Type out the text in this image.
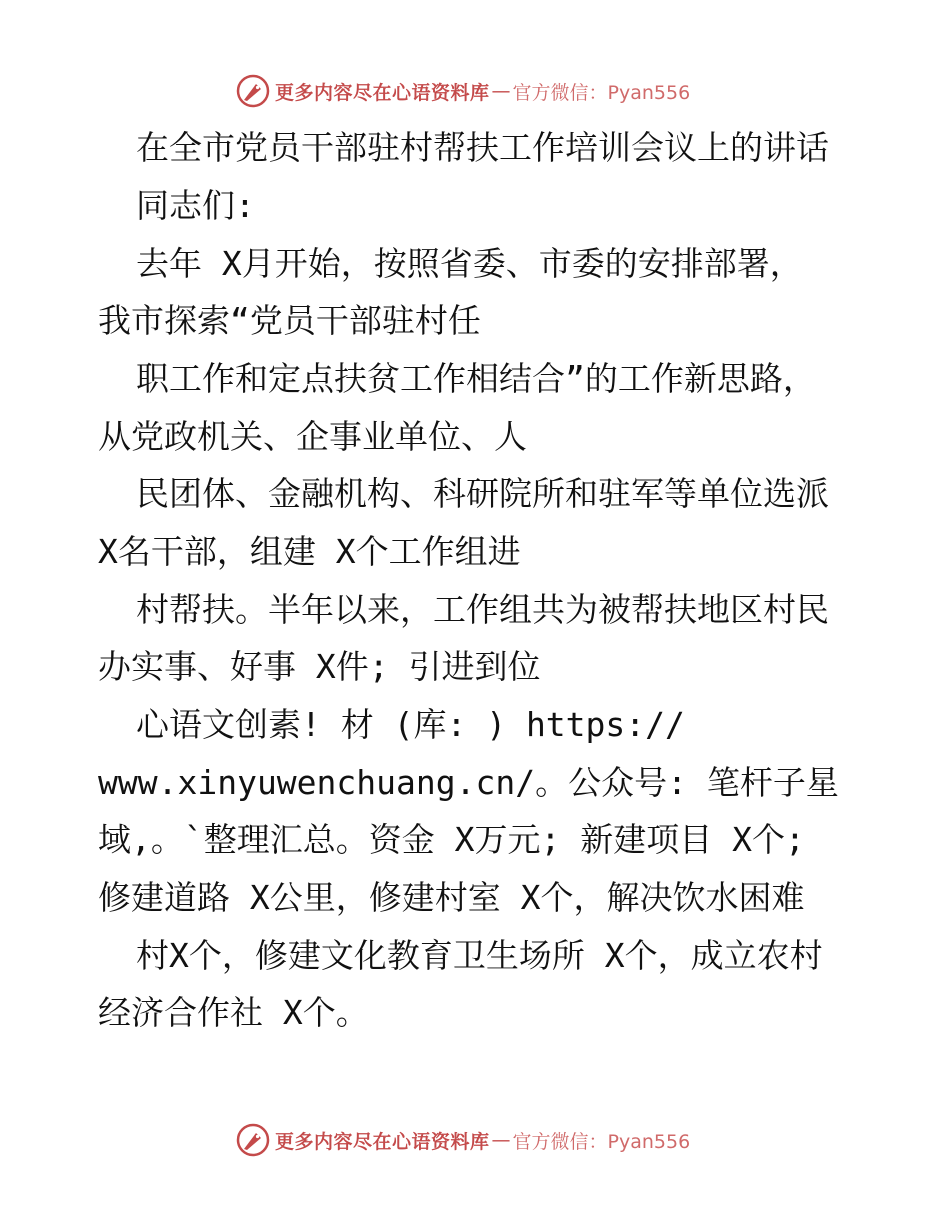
更多内容尽在心语资料库 — 官方微信：Pyan556
在全市党员干部驻村帮扶工作培训会议上的讲话
同志们:
去年 X月开始，按照省委、市委的安排部署，
我市探索“党员干部驻村任
职工作和定点扶贫工作相结合”的工作新思路，
从党政机关、企事业单位、人
民团体、金融机构、科研院所和驻军等单位选派
X名干部，组建 X个工作组进
村帮扶。半年以来，工作组共为被帮扶地区村民
办实事、好事 X件; 引进到位
心语文创素! 材 (库: ) https://
www.xinyuwenchuang.cn/。公众号: 笔杆子星
域,。`整理汇总。资金 X万元; 新建项目 X个;
修建道路 X公里，修建村室 X个，解决饮水困难
村X个，修建文化教育卫生场所 X个，成立农村
经济合作社 X个。
更多内容尽在心语资料库 — 官方微信：Pyan556
